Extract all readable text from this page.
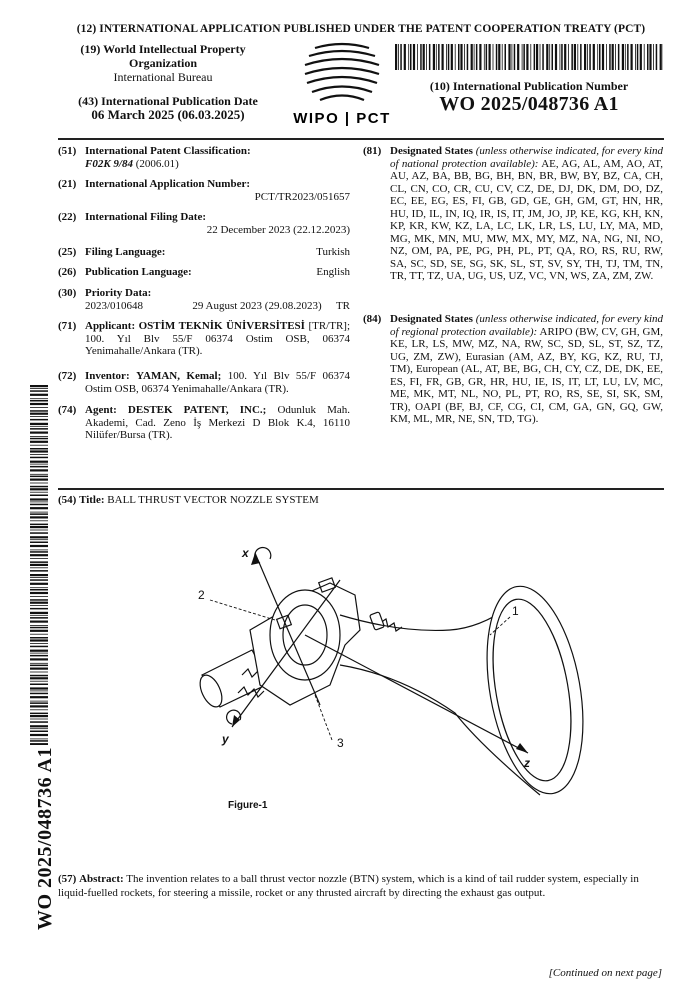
(12) INTERNATIONAL APPLICATION PUBLISHED UNDER THE PATENT COOPERATION TREATY (PCT)
(19) World Intellectual Property Organization
International Bureau
(43) International Publication Date
06 March 2025 (06.03.2025)	WIPO | PCT
(10) International Publication Number
WO 2025/048736 A1
(51) International Patent Classification:
F02K 9/84 (2006.01)
(21) International Application Number:
PCT/TR2023/051657
(22) International Filing Date:
22 December 2023 (22.12.2023)
(25) Filing Language:	Turkish
(26) Publication Language:	English
(30) Priority Data:
2023/010648	29 August 2023 (29.08.2023) TR
(71) Applicant: OSTİM TEKNİK ÜNİVERSİTESİ [TR/TR]; 100. Yıl Blv 55/F 06374 Ostim OSB, 06374 Yenimahalle/Ankara (TR).
(72) Inventor: YAMAN, Kemal; 100. Yıl Blv 55/F 06374 Ostim OSB, 06374 Yenimahalle/Ankara (TR).
(74) Agent: DESTEK PATENT, INC.; Odunluk Mah. Akademi, Cad. Zeno İş Merkezi D Blok K.4, 16110 Nilüfer/Bursa (TR).
(81) Designated States (unless otherwise indicated, for every kind of national protection available): AE, AG, AL, AM, AO, AT, AU, AZ, BA, BB, BG, BH, BN, BR, BW, BY, BZ, CA, CH, CL, CN, CO, CR, CU, CV, CZ, DE, DJ, DK, DM, DO, DZ, EC, EE, EG, ES, FI, GB, GD, GE, GH, GM, GT, HN, HR, HU, ID, IL, IN, IQ, IR, IS, IT, JM, JO, JP, KE, KG, KH, KN, KP, KR, KW, KZ, LA, LC, LK, LR, LS, LU, LY, MA, MD, MG, MK, MN, MU, MW, MX, MY, MZ, NA, NG, NI, NO, NZ, OM, PA, PE, PG, PH, PL, PT, QA, RO, RS, RU, RW, SA, SC, SD, SE, SG, SK, SL, ST, SV, SY, TH, TJ, TM, TN, TR, TT, TZ, UA, UG, US, UZ, VC, VN, WS, ZA, ZM, ZW.
(84) Designated States (unless otherwise indicated, for every kind of regional protection available): ARIPO (BW, CV, GH, GM, KE, LR, LS, MW, MZ, NA, RW, SC, SD, SL, ST, SZ, TZ, UG, ZM, ZW), Eurasian (AM, AZ, BY, KG, KZ, RU, TJ, TM), European (AL, AT, BE, BG, CH, CY, CZ, DE, DK, EE, ES, FI, FR, GB, GR, HR, HU, IE, IS, IT, LT, LU, LV, MC, ME, MK, MT, NL, NO, PL, PT, RO, RS, SE, SI, SK, SM, TR), OAPI (BF, BJ, CF, CG, CI, CM, GA, GN, GQ, GW, KM, ML, MR, NE, SN, TD, TG).
WO 2025/048736 A1
(54) Title: BALL THRUST VECTOR NOZZLE SYSTEM
x
y
z
1
2
3
Figure-1
(57) Abstract: The invention relates to a ball thrust vector nozzle (BTN) system, which is a kind of tail rudder system, especially in liquid-fuelled rockets, for steering a missile, rocket or any thrusted aircraft by directing the exhaust gas output.
[Continued on next page]
